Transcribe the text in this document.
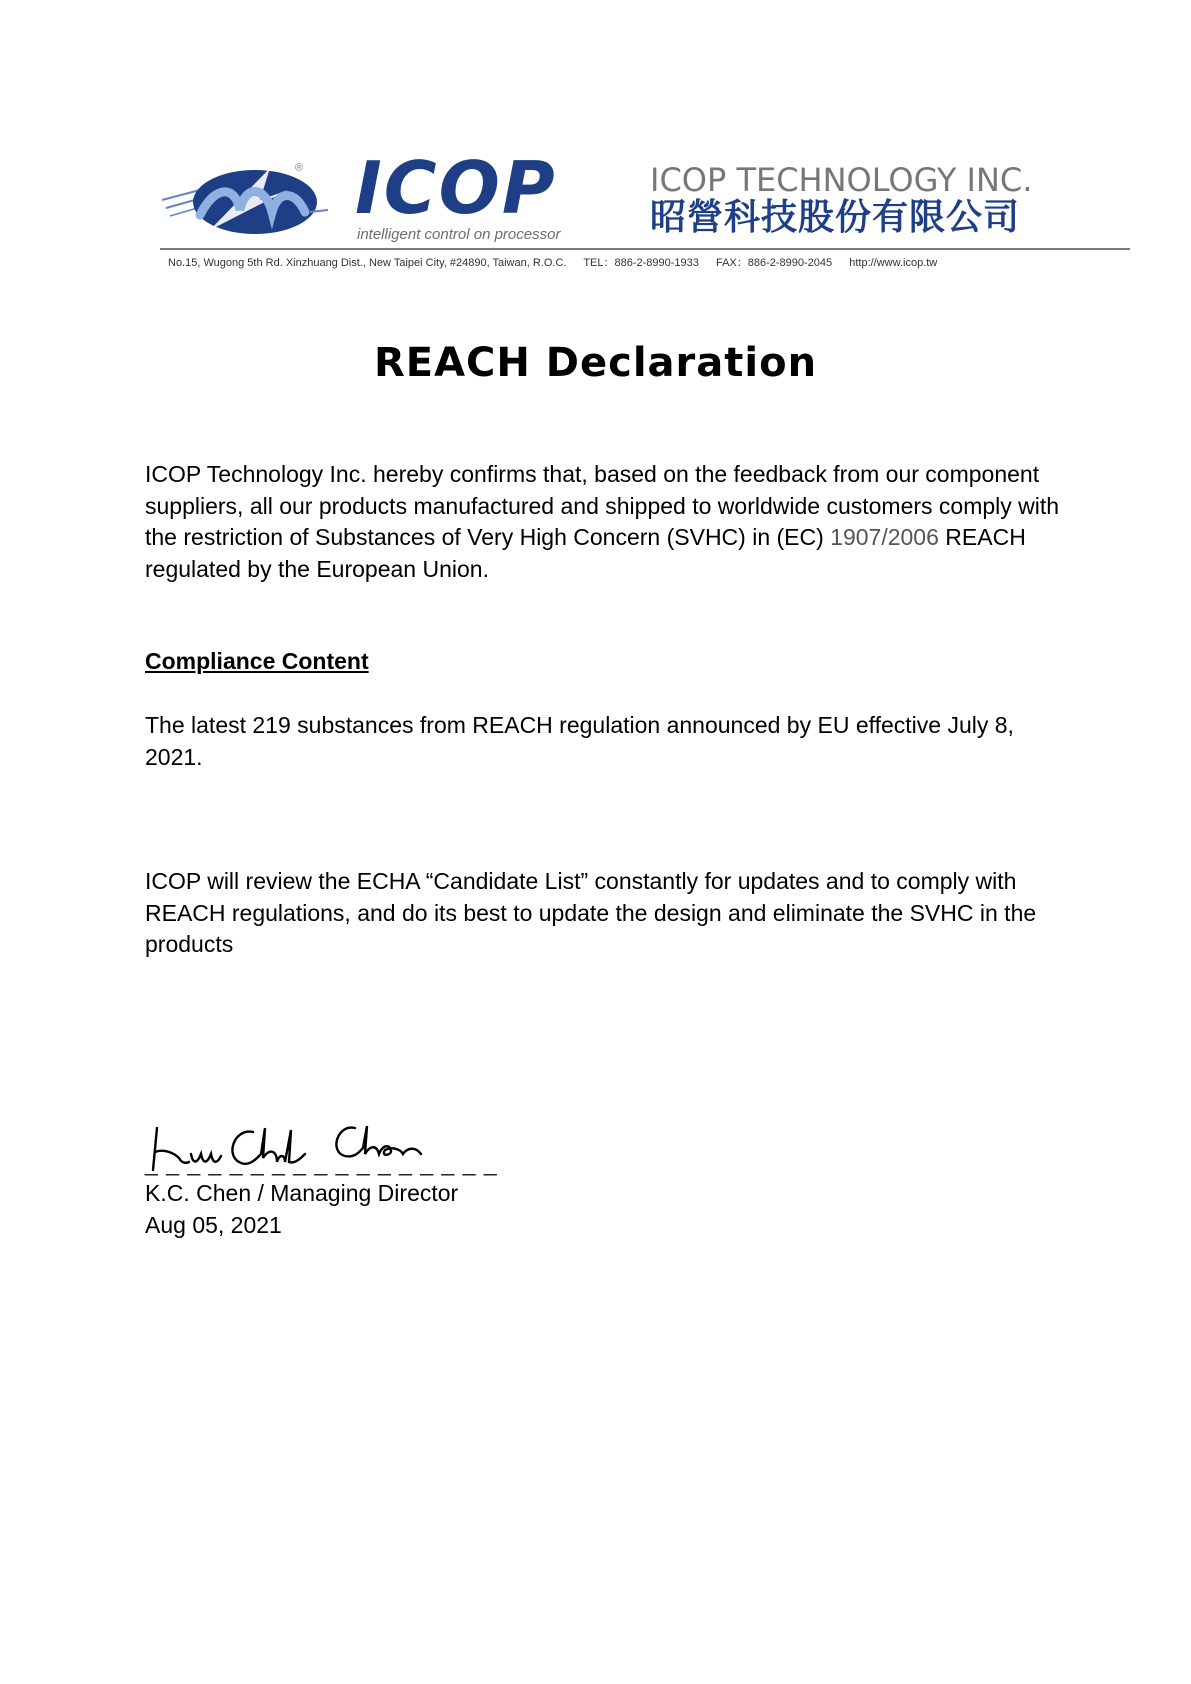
® ICOP
intelligent control on processor
ICOP TECHNOLOGY INC.
昭營科技股份有限公司
No.15, Wugong 5th Rd. Xinzhuang Dist., New Taipei City, #24890, Taiwan, R.O.C. TEL：886-2-8990-1933 FAX：886-2-8990-2045 http://www.icop.tw
REACH Declaration

ICOP Technology Inc. hereby confirms that, based on the feedback from our component suppliers, all our products manufactured and shipped to worldwide customers comply with the restriction of Substances of Very High Concern (SVHC) in (EC) 1907/2006 REACH regulated by the European Union.

Compliance Content

The latest 219 substances from REACH regulation announced by EU effective July 8, 2021.

ICOP will review the ECHA “Candidate List” constantly for updates and to comply with REACH regulations, and do its best to update the design and eliminate the SVHC in the products

_ _ _ _ _ _ _ _ _ _ _ _ _ _ _ _ _
K.C. Chen / Managing Director
Aug 05, 2021
